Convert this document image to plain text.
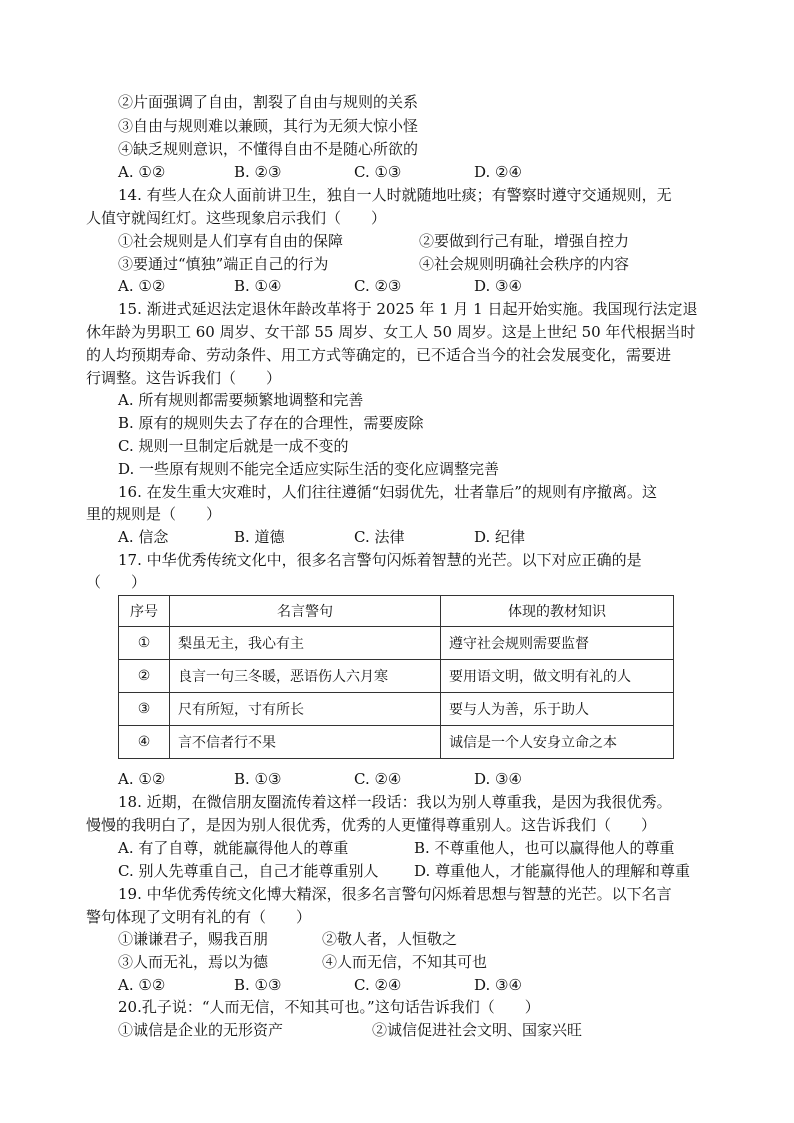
②片面强调了自由，割裂了自由与规则的关系
③自由与规则难以兼顾，其行为无须大惊小怪
④缺乏规则意识，不懂得自由不是随心所欲的
A. ①②	B. ②③	C. ①③	D. ②④
14. 有些人在众人面前讲卫生，独自一人时就随地吐痰；有警察时遵守交通规则，无
人值守就闯红灯。这些现象启示我们（　　）
①社会规则是人们享有自由的保障	②要做到行己有耻，增强自控力
③要通过“慎独”端正自己的行为	④社会规则明确社会秩序的内容
A. ①②	B. ①④	C. ②③	D. ③④
15. 渐进式延迟法定退休年龄改革将于 2025 年 1 月 1 日起开始实施。我国现行法定退
休年龄为男职工 60 周岁、女干部 55 周岁、女工人 50 周岁。这是上世纪 50 年代根据当时
的人均预期寿命、劳动条件、用工方式等确定的，已不适合当今的社会发展变化，需要进
行调整。这告诉我们（　　）
A. 所有规则都需要频繁地调整和完善
B. 原有的规则失去了存在的合理性，需要废除
C. 规则一旦制定后就是一成不变的
D. 一些原有规则不能完全适应实际生活的变化应调整完善
16. 在发生重大灾难时，人们往往遵循“妇弱优先，壮者靠后”的规则有序撤离。这
里的规则是（　　）
A. 信念	B. 道德	C. 法律	D. 纪律
17. 中华优秀传统文化中，很多名言警句闪烁着智慧的光芒。以下对应正确的是
（　　）
序号	名言警句	体现的教材知识
①	梨虽无主，我心有主	遵守社会规则需要监督
②	良言一句三冬暖，恶语伤人六月寒	要用语文明，做文明有礼的人
③	尺有所短，寸有所长	要与人为善，乐于助人
④	言不信者行不果	诚信是一个人安身立命之本
A. ①②	B. ①③	C. ②④	D. ③④
18. 近期，在微信朋友圈流传着这样一段话：我以为别人尊重我，是因为我很优秀。
慢慢的我明白了，是因为别人很优秀，优秀的人更懂得尊重别人。这告诉我们（　　）
A. 有了自尊，就能赢得他人的尊重	B. 不尊重他人，也可以赢得他人的尊重
C. 别人先尊重自己，自己才能尊重别人 D. 尊重他人，才能赢得他人的理解和尊重
19. 中华优秀传统文化博大精深，很多名言警句闪烁着思想与智慧的光芒。以下名言
警句体现了文明有礼的有（　　）
①谦谦君子，赐我百朋	②敬人者，人恒敬之
③人而无礼，焉以为德	④人而无信，不知其可也
A. ①②	B. ①③	C. ②④	D. ③④
20.孔子说：“人而无信，不知其可也。”这句话告诉我们（　　）
①诚信是企业的无形资产	②诚信促进社会文明、国家兴旺
